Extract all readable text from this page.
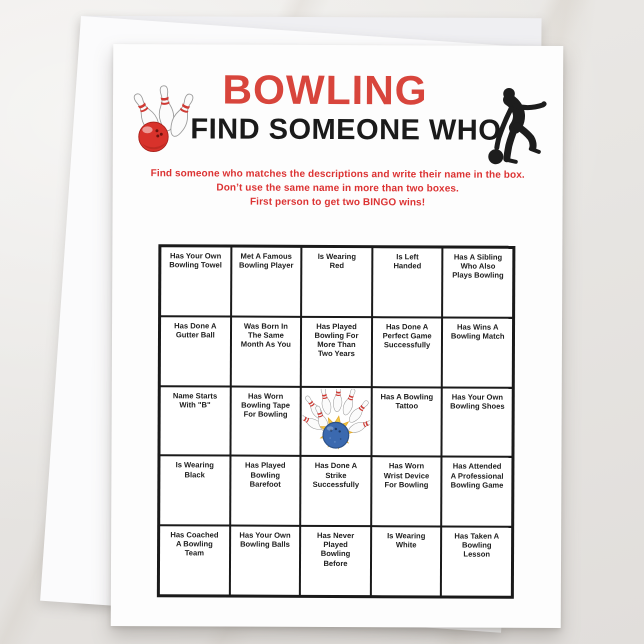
BOWLING
FIND SOMEONE WHO
Find someone who matches the descriptions and write their name in the box.
Don’t use the same name in more than two boxes.
First person to get two BINGO wins!
Has Your Own
Bowling Towel
Met A Famous
Bowling Player
Is Wearing
Red
Is Left
Handed
Has A Sibling
Who Also
Plays Bowling
Has Done A
Gutter Ball
Was Born In
The Same
Month As You
Has Played
Bowling For
More Than
Two Years
Has Done A
Perfect Game
Successfully
Has Wins A
Bowling Match
Name Starts
With "B"
Has Worn
Bowling Tape
For Bowling
Has A Bowling
Tattoo
Has Your Own
Bowling Shoes
Is Wearing
Black
Has Played
Bowling
Barefoot
Has Done A
Strike
Successfully
Has Worn
Wrist Device
For Bowling
Has Attended
A Professional
Bowling Game
Has Coached
A Bowling
Team
Has Your Own
Bowling Balls
Has Never
Played
Bowling
Before
Is Wearing
White
Has Taken A
Bowling
Lesson
